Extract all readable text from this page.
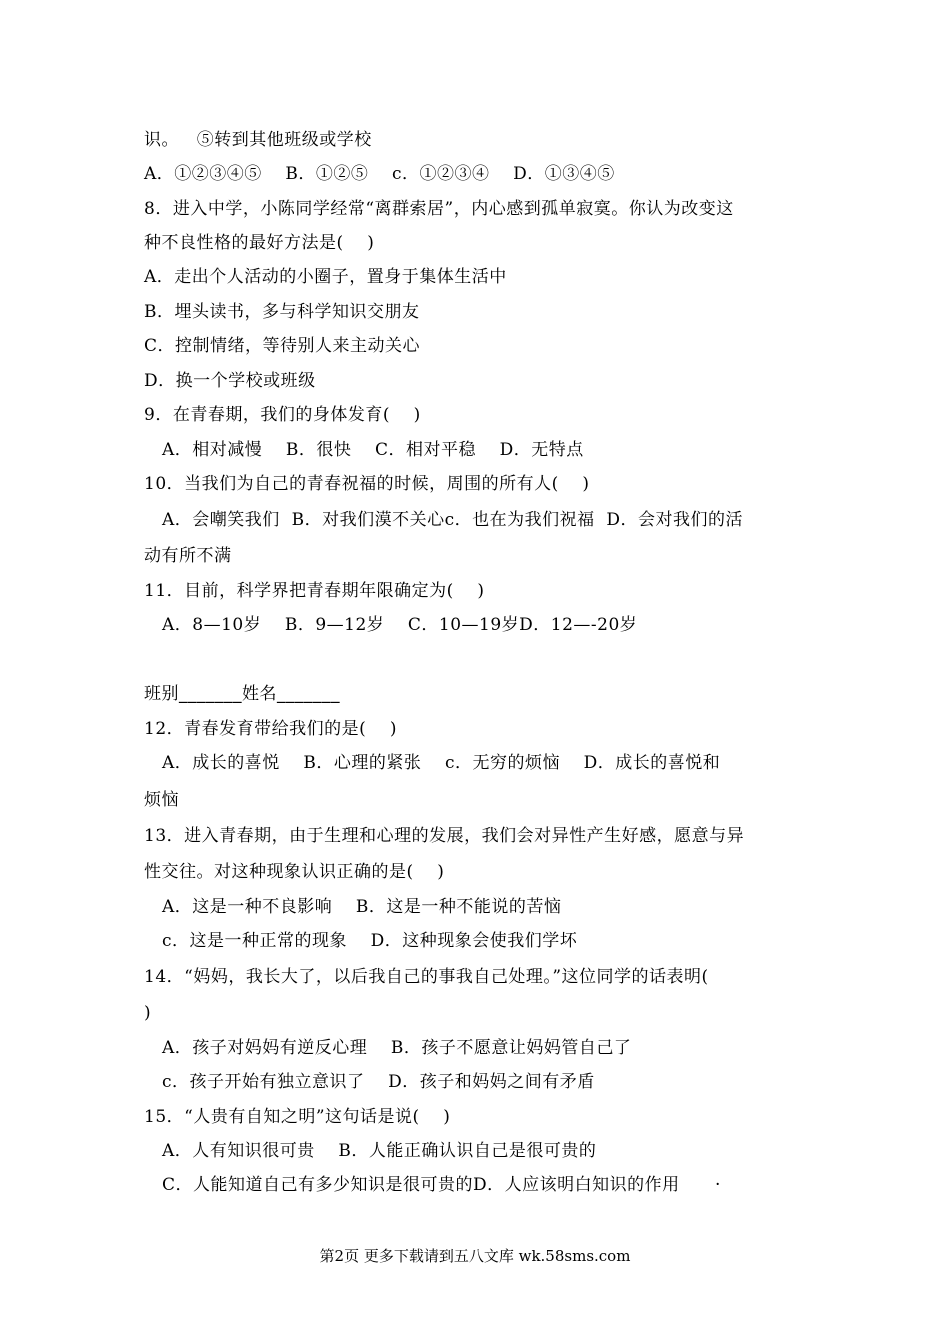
识。   ⑤转到其他班级或学校
A．①②③④⑤    B．①②⑤    c．①②③④    D．①③④⑤
8．进入中学，小陈同学经常“离群索居”，内心感到孤单寂寞。你认为改变这
种不良性格的最好方法是(    )
A．走出个人活动的小圈子，置身于集体生活中
B．埋头读书，多与科学知识交朋友
C．控制情绪，等待别人来主动关心
D．换一个学校或班级
9．在青春期，我们的身体发育(    )
A．相对减慢    B．很快    C．相对平稳    D．无特点
10．当我们为自己的青春祝福的时候，周围的所有人(    )
A．会嘲笑我们  B．对我们漠不关心c．也在为我们祝福  D．会对我们的活
动有所不满
11．目前，科学界把青春期年限确定为(    )
A．8—10岁    B．9—12岁    C．10—19岁D．12—-20岁
班别_______姓名_______
12．青春发育带给我们的是(    )
A．成长的喜悦    B．心理的紧张    c．无穷的烦恼    D．成长的喜悦和
烦恼
13．进入青春期，由于生理和心理的发展，我们会对异性产生好感，愿意与异
性交往。对这种现象认识正确的是(    )
A．这是一种不良影响    B．这是一种不能说的苦恼
c．这是一种正常的现象    D．这种现象会使我们学坏
14．“妈妈，我长大了，以后我自己的事我自己处理。”这位同学的话表明(
)
A．孩子对妈妈有逆反心理    B．孩子不愿意让妈妈管自己了
c．孩子开始有独立意识了    D．孩子和妈妈之间有矛盾
15．“人贵有自知之明”这句话是说(    )
A．人有知识很可贵    B．人能正确认识自己是很可贵的
C．人能知道自己有多少知识是很可贵的D．人应该明白知识的作用      ·
第2页 更多下载请到五八文库 wk.58sms.com
